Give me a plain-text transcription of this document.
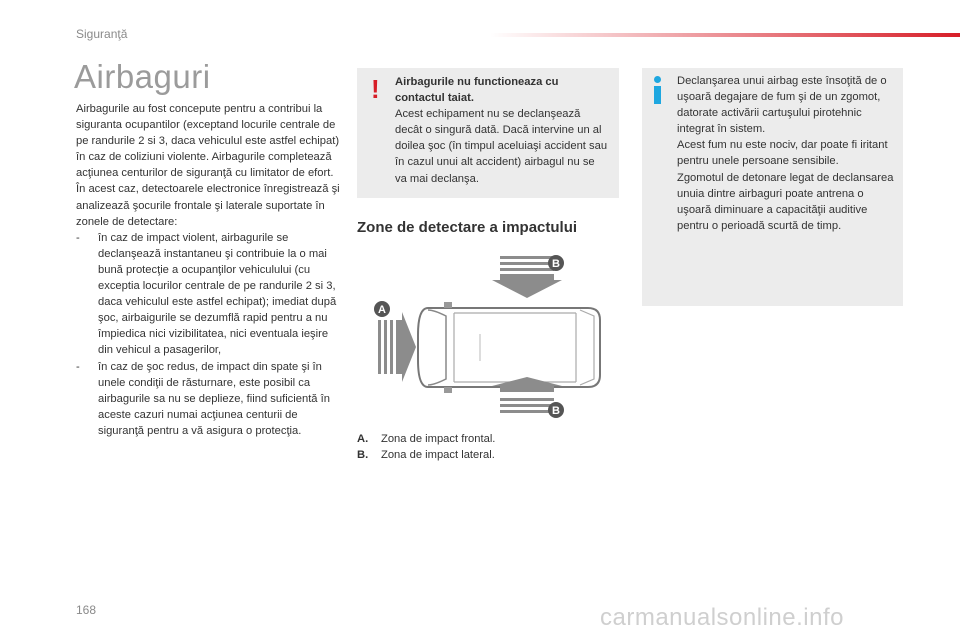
Siguranţă
Airbaguri

Airbagurile au fost concepute pentru a contribui la siguranta ocupantilor (exceptand locurile centrale de pe randurile 2 si 3, daca vehiculul este astfel echipat) în caz de coliziuni violente. Airbagurile completează acţiunea centurilor de siguranţă cu limitator de efort.

În acest caz, detectoarele electronice înregistrează şi analizează şocurile frontale şi laterale suportate în zonele de detectare:

-	în caz de impact violent, airbagurile se declanşează instantaneu şi contribuie la o mai bună protecţie a ocupanţilor vehiculului (cu exceptia locurilor centrale de pe randurile 2 si 3, daca vehiculul este astfel echipat); imediat după şoc, airbaigurile se dezumflă rapid pentru a nu împiedica nici vizibilitatea, nici eventuala ieşire din vehicul a pasagerilor,
-	în caz de şoc redus, de impact din spate şi în unele condiţii de răsturnare, este posibil ca airbagurile sa nu se deplieze, fiind suficientă în aceste cazuri numai acţiunea centurii de siguranţă pentru a vă asigura o protecţia.
! Airbagurile nu functioneaza cu contactul taiat.

Acest echipament nu se declanşează decât o singură dată. Dacă intervine un al doilea şoc (în timpul aceluiaşi accident sau în cazul unui alt accident) airbagul nu se va mai declanşa.

Declanşarea unui airbag este însoţită de o uşoară degajare de fum şi de un zgomot, datorate activării cartuşului pirotehnic integrat în sistem.

Acest fum nu este nociv, dar poate fi iritant pentru unele persoane sensibile.

Zgomotul de detonare legat de declansarea unuia dintre airbaguri poate antrena o uşoară diminuare a capacităţii auditive pentru o perioadă scurtă de timp.

Zone de detectare a impactului
A
B
B
A.	Zona de impact frontal.
B.	Zona de impact lateral.
168	carmanualsonline.info
